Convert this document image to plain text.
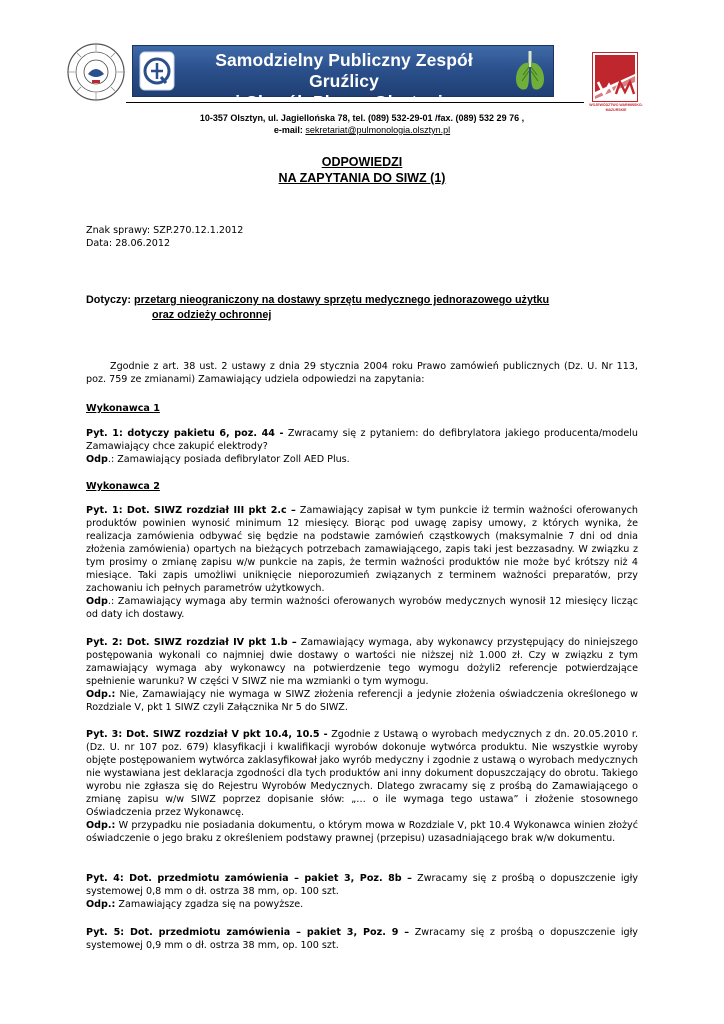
Samodzielny Publiczny Zespół Gruźlicy
i Chorób Płuc w Olsztynie	WOJEWÓDZTWO WARMIŃSKO-MAZURSKIE
10-357 Olsztyn, ul. Jagiellońska 78, tel. (089) 532-29-01 /fax. (089) 532 29 76 ,
e-mail: sekretariat@pulmonologia.olsztyn.pl
ODPOWIEDZI
NA ZAPYTANIA DO SIWZ (1)
Znak sprawy: SZP.270.12.1.2012
Data: 28.06.2012
Dotyczy: przetarg nieograniczony na dostawy sprzętu medycznego jednorazowego użytku
oraz odzieży ochronnej
Zgodnie z art. 38 ust. 2 ustawy z dnia 29 stycznia 2004 roku Prawo zamówień publicznych (Dz. U. Nr 113, poz. 759 ze zmianami) Zamawiający udziela odpowiedzi na zapytania:
Wykonawca 1
Pyt. 1: dotyczy pakietu 6, poz. 44 - Zwracamy się z pytaniem: do defibrylatora jakiego producenta/modelu Zamawiający chce zakupić elektrody?
Odp.: Zamawiający posiada defibrylator Zoll AED Plus.
Wykonawca 2
Pyt. 1: Dot. SIWZ rozdział III pkt 2.c – Zamawiający zapisał w tym punkcie iż termin ważności oferowanych produktów powinien wynosić minimum 12 miesięcy. Biorąc pod uwagę zapisy umowy, z których wynika, że realizacja zamówienia odbywać się będzie na podstawie zamówień cząstkowych (maksymalnie 7 dni od dnia złożenia zamówienia) opartych na bieżących potrzebach zamawiającego, zapis taki jest bezzasadny. W związku z tym prosimy o zmianę zapisu w/w punkcie na zapis, że termin ważności produktów nie może być krótszy niż 4 miesiące. Taki zapis umożliwi uniknięcie nieporozumień związanych z terminem ważności preparatów, przy zachowaniu ich pełnych parametrów użytkowych.
Odp.: Zamawiający wymaga aby termin ważności oferowanych wyrobów medycznych wynosił 12 miesięcy licząc od daty ich dostawy.
Pyt. 2: Dot. SIWZ rozdział IV pkt 1.b – Zamawiający wymaga, aby wykonawcy przystępujący do niniejszego postępowania wykonali co najmniej dwie dostawy o wartości nie niższej niż 1.000 zł. Czy w związku z tym zamawiający wymaga aby wykonawcy na potwierdzenie tego wymogu dożyli2 referencje potwierdzające spełnienie warunku? W części V SIWZ nie ma wzmianki o tym wymogu.
Odp.: Nie, Zamawiający nie wymaga w SIWZ złożenia referencji a jedynie złożenia oświadczenia określonego w Rozdziale V, pkt 1 SIWZ czyli Załącznika Nr 5 do SIWZ.
Pyt. 3: Dot. SIWZ rozdział V pkt 10.4, 10.5 - Zgodnie z Ustawą o wyrobach medycznych z dn. 20.05.2010 r. (Dz. U. nr 107 poz. 679) klasyfikacji i kwalifikacji wyrobów dokonuje wytwórca produktu. Nie wszystkie wyroby objęte postępowaniem wytwórca zaklasyfikował jako wyrób medyczny i zgodnie z ustawą o wyrobach medycznych nie wystawiana jest deklaracja zgodności dla tych produktów ani inny dokument dopuszczający do obrotu. Takiego wyrobu nie zgłasza się do Rejestru Wyrobów Medycznych. Dlatego zwracamy się z prośbą do Zamawiającego o zmianę zapisu w/w SIWZ poprzez dopisanie słów: „… o ile wymaga tego ustawa” i złożenie stosownego Oświadczenia przez Wykonawcę.
Odp.: W przypadku nie posiadania dokumentu, o którym mowa w Rozdziale V, pkt 10.4 Wykonawca winien złożyć oświadczenie o jego braku z określeniem podstawy prawnej (przepisu) uzasadniającego brak w/w dokumentu.
Pyt. 4: Dot. przedmiotu zamówienia – pakiet 3, Poz. 8b – Zwracamy się z prośbą o dopuszczenie igły systemowej 0,8 mm o dł. ostrza 38 mm, op. 100 szt.
Odp.: Zamawiający zgadza się na powyższe.
Pyt. 5: Dot. przedmiotu zamówienia – pakiet 3, Poz. 9 – Zwracamy się z prośbą o dopuszczenie igły systemowej 0,9 mm o dł. ostrza 38 mm, op. 100 szt.
